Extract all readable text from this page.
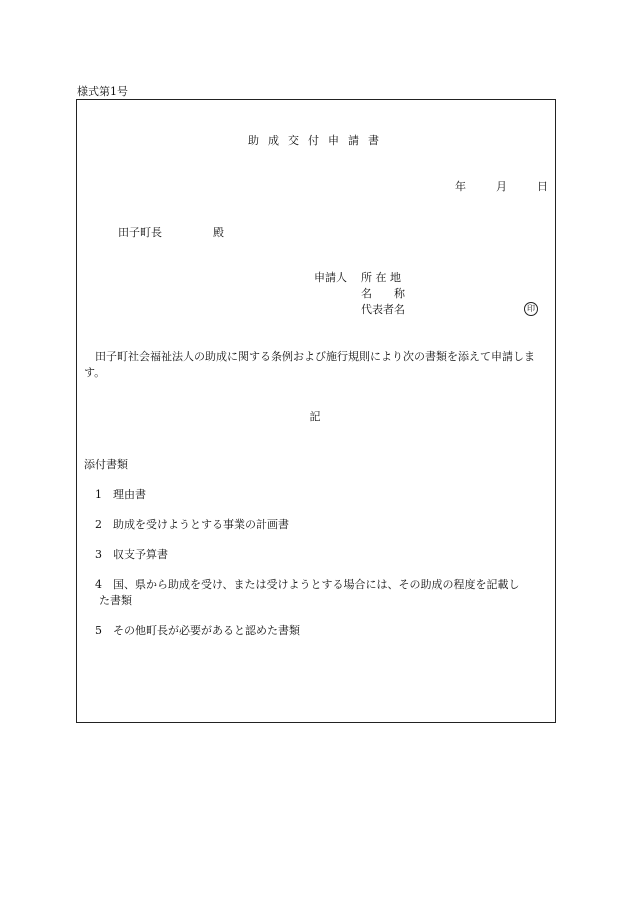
様式第1号
助成交付申請書
年	月	日
田子町長	殿
申請人 所 在 地
名　　称
代表者名	印
田子町社会福祉法人の助成に関する条例および施行規則により次の書類を添えて申請します。
記
添付書類
1 理由書
2 助成を受けようとする事業の計画書
3 収支予算書
4 国、県から助成を受け、または受けようとする場合には、その助成の程度を記載し
た書類
5 その他町長が必要があると認めた書類
